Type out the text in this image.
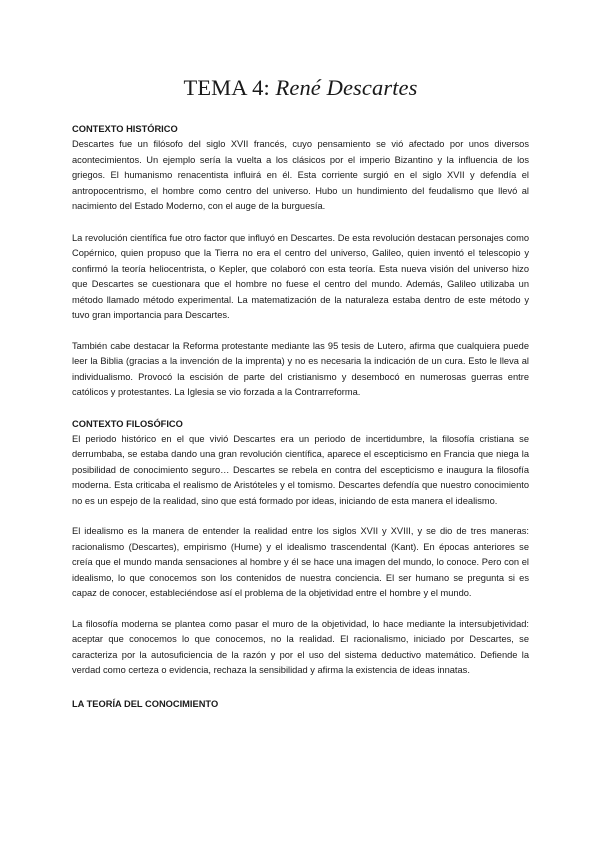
TEMA 4: René Descartes
CONTEXTO HISTÓRICO

Descartes fue un filósofo del siglo XVII francés, cuyo pensamiento se vió afectado por unos diversos acontecimientos. Un ejemplo sería la vuelta a los clásicos por el imperio Bizantino y la influencia de los griegos. El humanismo renacentista influirá en él. Esta corriente surgió en el siglo XVII y defendía el antropocentrismo, el hombre como centro del universo. Hubo un hundimiento del feudalismo que llevó al nacimiento del Estado Moderno, con el auge de la burguesía.

La revolución científica fue otro factor que influyó en Descartes. De esta revolución destacan personajes como Copérnico, quien propuso que la Tierra no era el centro del universo, Galileo, quien inventó el telescopio y confirmó la teoría heliocentrista, o Kepler, que colaboró con esta teoría. Esta nueva visión del universo hizo que Descartes se cuestionara que el hombre no fuese el centro del mundo. Además, Galileo utilizaba un método llamado método experimental. La matematización de la naturaleza estaba dentro de este método y tuvo gran importancia para Descartes.

También cabe destacar la Reforma protestante mediante las 95 tesis de Lutero, afirma que cualquiera puede leer la Biblia (gracias a la invención de la imprenta) y no es necesaria la indicación de un cura. Esto le lleva al individualismo. Provocó la escisión de parte del cristianismo y desembocó en numerosas guerras entre católicos y protestantes. La Iglesia se vio forzada a la Contrarreforma.

CONTEXTO FILOSÓFICO

El periodo histórico en el que vivió Descartes era un periodo de incertidumbre, la filosofía cristiana se derrumbaba, se estaba dando una gran revolución científica, aparece el escepticismo en Francia que niega la posibilidad de conocimiento seguro… Descartes se rebela en contra del escepticismo e inaugura la filosofía moderna. Esta criticaba el realismo de Aristóteles y el tomismo. Descartes defendía que nuestro conocimiento no es un espejo de la realidad, sino que está formado por ideas, iniciando de esta manera el idealismo.

El idealismo es la manera de entender la realidad entre los siglos XVII y XVIII, y se dio de tres maneras: racionalismo (Descartes), empirismo (Hume) y el idealismo trascendental (Kant). En épocas anteriores se creía que el mundo manda sensaciones al hombre y él se hace una imagen del mundo, lo conoce. Pero con el idealismo, lo que conocemos son los contenidos de nuestra conciencia. El ser humano se pregunta si es capaz de conocer, estableciéndose así el problema de la objetividad entre el hombre y el mundo.

La filosofía moderna se plantea como pasar el muro de la objetividad, lo hace mediante la intersubjetividad: aceptar que conocemos lo que conocemos, no la realidad. El racionalismo, iniciado por Descartes, se caracteriza por la autosuficiencia de la razón y por el uso del sistema deductivo matemático. Defiende la verdad como certeza o evidencia, rechaza la sensibilidad y afirma la existencia de ideas innatas.

LA TEORÍA DEL CONOCIMIENTO
